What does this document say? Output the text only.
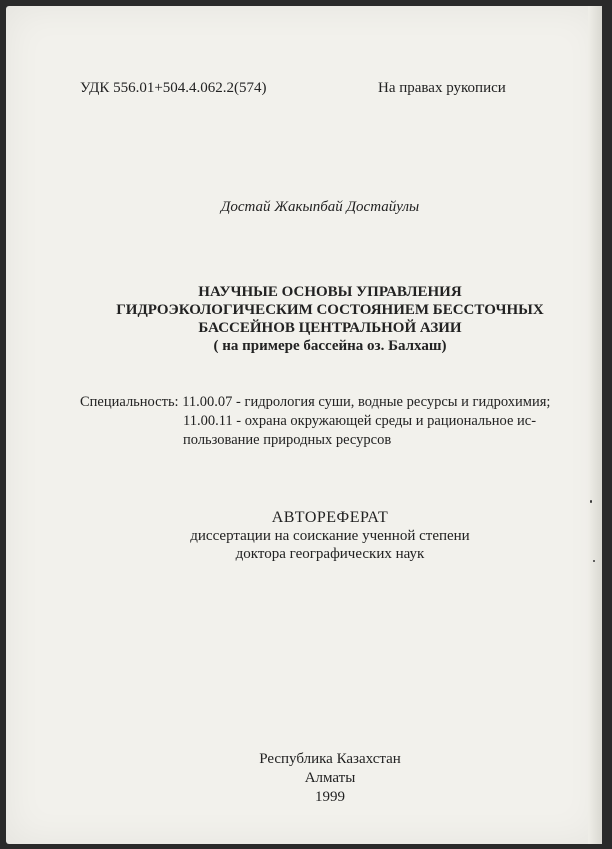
УДК 556.01+504.4.062.2(574)	На правах рукописи
Достай Жакыпбай Достайулы
НАУЧНЫЕ ОСНОВЫ УПРАВЛЕНИЯ
ГИДРОЭКОЛОГИЧЕСКИМ СОСТОЯНИЕМ БЕССТОЧНЫХ
БАССЕЙНОВ ЦЕНТРАЛЬНОЙ АЗИИ
( на примере бассейна оз. Балхаш)
Специальность: 11.00.07 - гидрология суши, водные ресурсы и гидрохимия;
11.00.11 - охрана окружающей среды и рациональное ис-
пользование природных ресурсов
АВТОРЕФЕРАТ
диссертации на соискание ученной степени
доктора географических наук
Республика Казахстан
Алматы
1999
